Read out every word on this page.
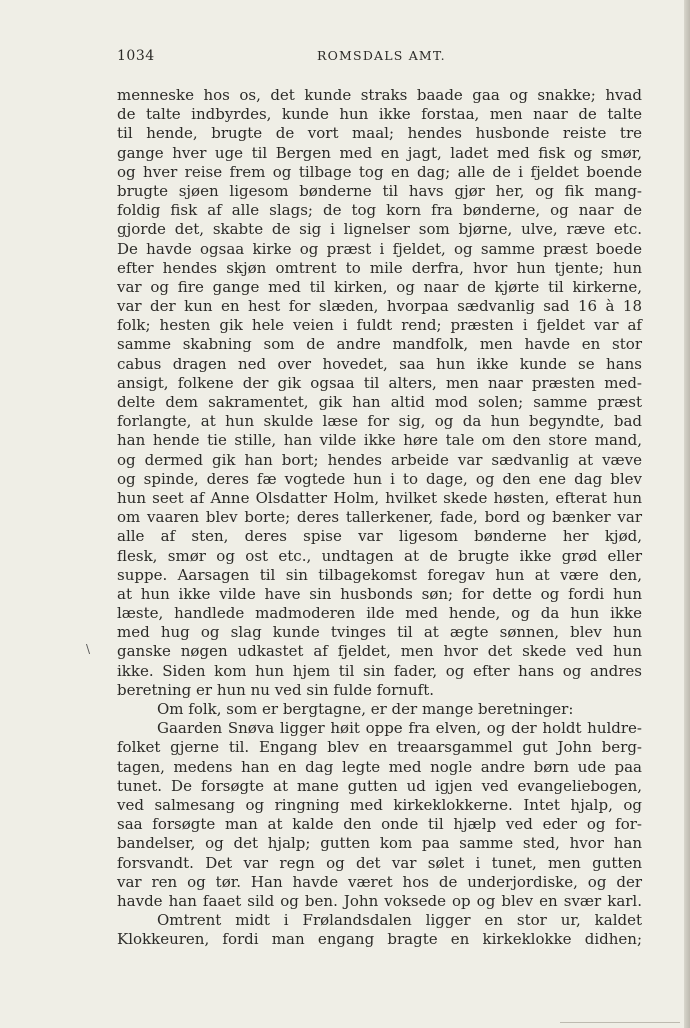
1034	ROMSDALS AMT.
\
menneske hos os, det kunde straks baade gaa og snakke; hvad
de talte indbyrdes, kunde hun ikke forstaa, men naar de talte
til hende, brugte de vort maal; hendes husbonde reiste tre
gange hver uge til Bergen med en jagt, ladet med fisk og smør,
og hver reise frem og tilbage tog en dag; alle de i fjeldet boende
brugte sjøen ligesom bønderne til havs gjør her, og fik mang-
foldig fisk af alle slags; de tog korn fra bønderne, og naar de
gjorde det, skabte de sig i lignelser som bjørne, ulve, ræve etc.
De havde ogsaa kirke og præst i fjeldet, og samme præst boede
efter hendes skjøn omtrent to mile derfra, hvor hun tjente; hun
var og fire gange med til kirken, og naar de kjørte til kirkerne,
var der kun en hest for slæden, hvorpaa sædvanlig sad 16 à 18
folk; hesten gik hele veien i fuldt rend; præsten i fjeldet var af
samme skabning som de andre mandfolk, men havde en stor
cabus dragen ned over hovedet, saa hun ikke kunde se hans
ansigt, folkene der gik ogsaa til alters, men naar præsten med-
delte dem sakramentet, gik han altid mod solen; samme præst
forlangte, at hun skulde læse for sig, og da hun begyndte, bad
han hende tie stille, han vilde ikke høre tale om den store mand,
og dermed gik han bort; hendes arbeide var sædvanlig at væve
og spinde, deres fæ vogtede hun i to dage, og den ene dag blev
hun seet af Anne Olsdatter Holm, hvilket skede høsten, efterat hun
om vaaren blev borte; deres tallerkener, fade, bord og bænker var
alle af sten, deres spise var ligesom bønderne her kjød,
flesk, smør og ost etc., undtagen at de brugte ikke grød eller
suppe. Aarsagen til sin tilbagekomst foregav hun at være den,
at hun ikke vilde have sin husbonds søn; for dette og fordi hun
læste, handlede madmoderen ilde med hende, og da hun ikke
med hug og slag kunde tvinges til at ægte sønnen, blev hun
ganske nøgen udkastet af fjeldet, men hvor det skede ved hun
ikke. Siden kom hun hjem til sin fader, og efter hans og andres
beretning er hun nu ved sin fulde fornuft.
Om folk, som er bergtagne, er der mange beretninger:
Gaarden Snøva ligger høit oppe fra elven, og der holdt huldre-
folket gjerne til. Engang blev en treaarsgammel gut John berg-
tagen, medens han en dag legte med nogle andre børn ude paa
tunet. De forsøgte at mane gutten ud igjen ved evangeliebogen,
ved salmesang og ringning med kirkeklokkerne. Intet hjalp, og
saa forsøgte man at kalde den onde til hjælp ved eder og for-
bandelser, og det hjalp; gutten kom paa samme sted, hvor han
forsvandt. Det var regn og det var sølet i tunet, men gutten
var ren og tør. Han havde været hos de underjordiske, og der
havde han faaet sild og ben. John voksede op og blev en svær karl.
Omtrent midt i Frølandsdalen ligger en stor ur, kaldet
Klokkeuren, fordi man engang bragte en kirkeklokke didhen;
